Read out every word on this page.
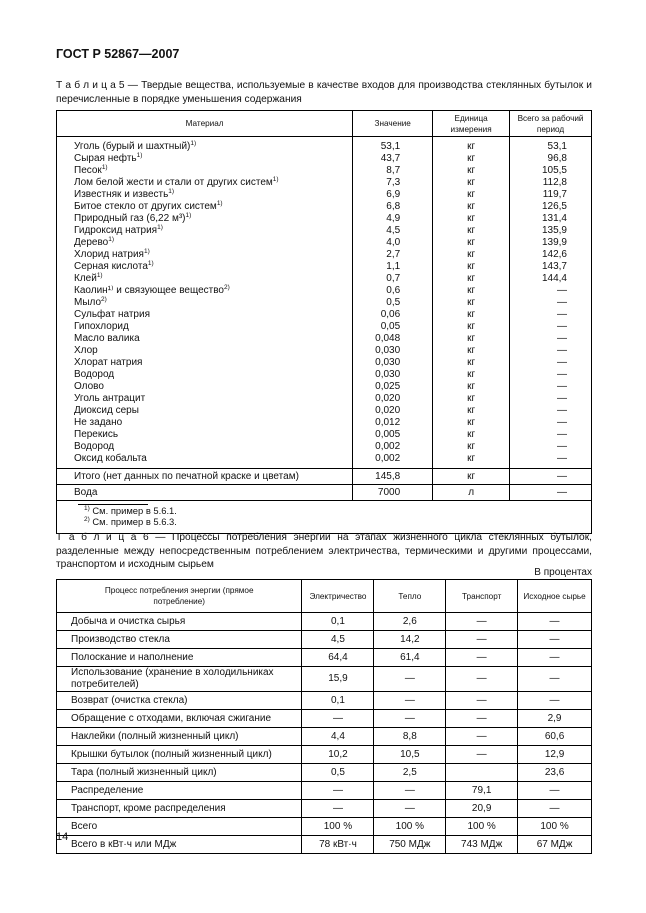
ГОСТ Р 52867—2007
Т а б л и ц а 5 — Твердые вещества, используемые в качестве входов для производства стеклянных бутылок и перечисленные в порядке уменьшения содержания
Материал	Значение	Единица измерения	Всего за рабочий период
Уголь (бурый и шахтный)$^{1)}$	53,1	кг	53,1
Сырая нефть$^{1)}$	43,7	кг	96,8
Песок$^{1)}$	8,7	кг	105,5
Лом белой жести и стали от других систем$^{1)}$	7,3	кг	112,8
Известняк и известь$^{1)}$	6,9	кг	119,7
Битое стекло от других систем$^{1)}$	6,8	кг	126,5
Природный газ (6,22 м³)$^{1)}$	4,9	кг	131,4
Гидроксид натрия$^{1)}$	4,5	кг	135,9
Дерево$^{1)}$	4,0	кг	139,9
Хлорид натрия$^{1)}$	2,7	кг	142,6
Серная кислота$^{1)}$	1,1	кг	143,7
Клей$^{1)}$	0,7	кг	144,4
Каолин¹⁾ и связующее вещество$^{2)}$	0,6	кг	—
Мыло$^{2)}$	0,5	кг	—
Сульфат натрия	0,06	кг	—
Гипохлорид	0,05	кг	—
Масло валика	0,048	кг	—
Хлор	0,030	кг	—
Хлорат натрия	0,030	кг	—
Водород	0,030	кг	—
Олово	0,025	кг	—
Уголь антрацит	0,020	кг	—
Диоксид серы	0,020	кг	—
Не задано	0,012	кг	—
Перекись	0,005	кг	—
Водород	0,002	кг	—
Оксид кобальта	0,002	кг	—
Итого (нет данных по печатной краске и цветам)	145,8	кг	—
Вода	7000	л	—

$^{1)}$ См. пример в 5.6.1.			
$^{2)}$ См. пример в 5.6.3.			
Т а б л и ц а 6 — Процессы потребления энергии на этапах жизненного цикла стеклянных бутылок, разделенные между непосредственным потреблением электричества, термическими и другими процессами, транспортом и исходным сырьем
В процентах
Процесс потребления энергии (прямое потребление)	Электричество	Тепло	Транспорт	Исходное сырье
Добыча и очистка сырья	0,1	2,6	—	—
Производство стекла	4,5	14,2	—	—
Полоскание и наполнение	64,4	61,4	—	—
Использование (хранение в холодильниках потребителей)	15,9	—	—	—
Возврат (очистка стекла)	0,1	—	—	—
Обращение с отходами, включая сжигание	—	—	—	2,9
Наклейки (полный жизненный цикл)	4,4	8,8	—	60,6
Крышки бутылок (полный жизненный цикл)	10,2	10,5	—	12,9
Тара (полный жизненный цикл)	0,5	2,5		23,6
Распределение	—	—	79,1	—
Транспорт, кроме распределения	—	—	20,9	—
Всего	100 %	100 %	100 %	100 %
Всего в кВт·ч или МДж	78 кВт·ч	750 МДж	743 МДж	67 МДж
14
